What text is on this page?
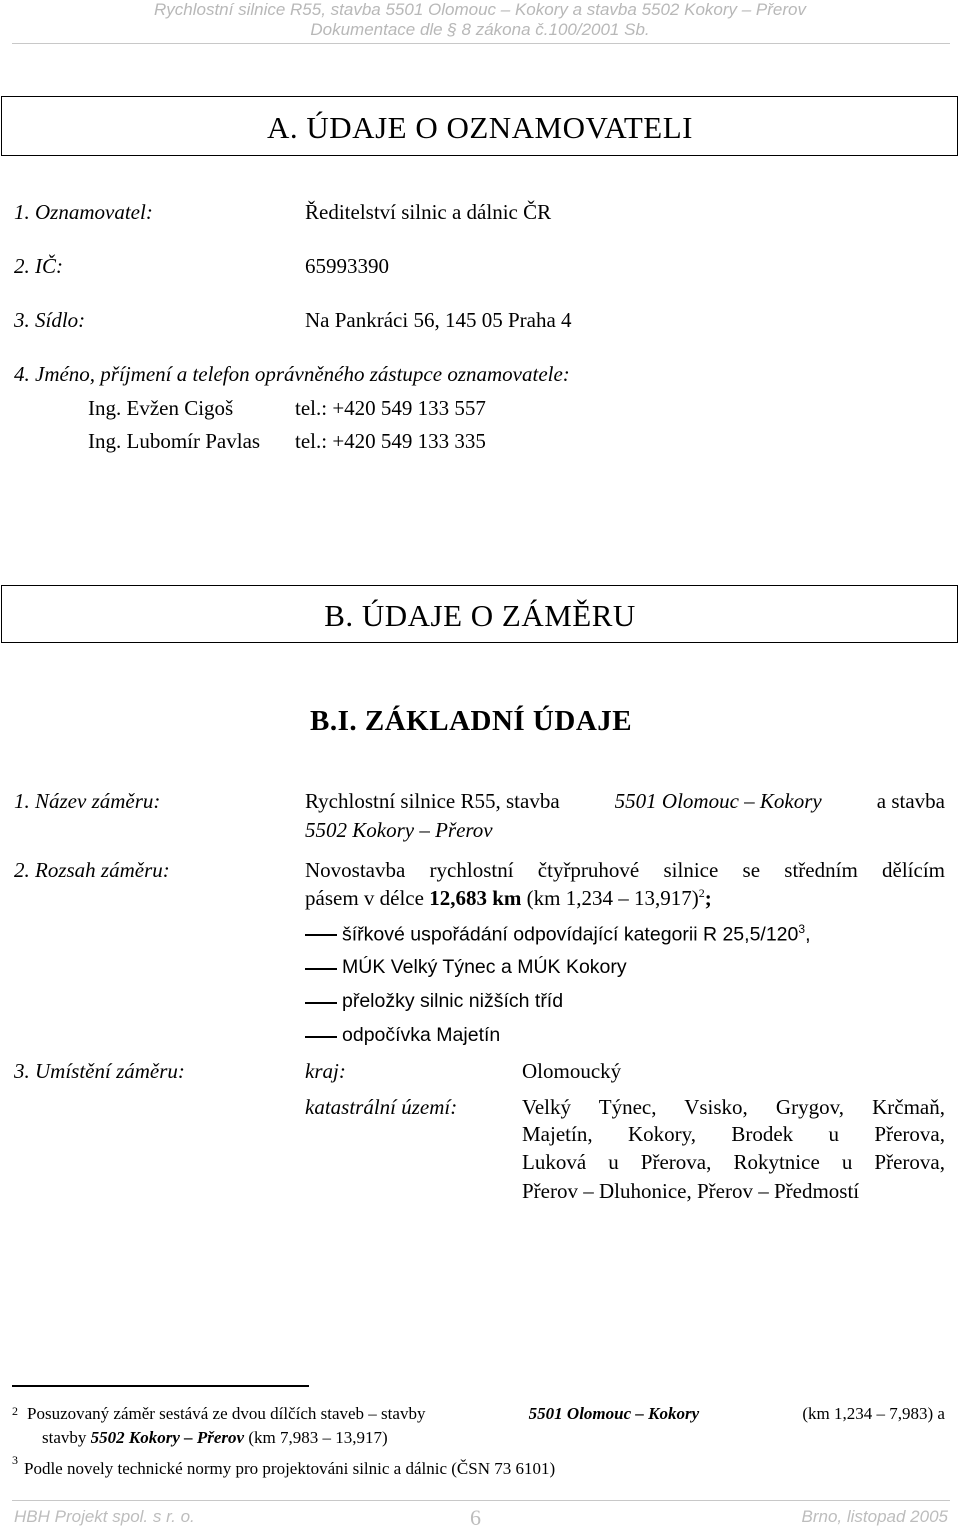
Rychlostní silnice R55, stavba 5501 Olomouc – Kokory a stavba 5502 Kokory – Přerov
Dokumentace dle § 8 zákona č.100/2001 Sb.
A. ÚDAJE O OZNAMOVATELI
1. Oznamovatel:	Ředitelství silnic a dálnic ČR
2. IČ:	65993390
3. Sídlo:	Na Pankráci 56, 145 05 Praha 4
4. Jméno, příjmení a telefon oprávněného zástupce oznamovatele:
Ing. Evžen Cigoš	tel.: +420 549 133 557
Ing. Lubomír Pavlas tel.: +420 549 133 335
B. ÚDAJE O ZÁMĚRU
B.I. ZÁKLADNÍ ÚDAJE
1. Název záměru:	Rychlostní silnice R55, stavba	5501 Olomouc – Kokory	a stavba
5502 Kokory – Přerov
2. Rozsah záměru:	Novostavba rychlostní čtyřpruhové silnice se středním dělícím
pásem v délce 12,683 km (km 1,234 – 13,917)$^2$;
šířkové uspořádání odpovídající kategorii R $25,5/120^3$,
MÚK Velký Týnec a MÚK Kokory
přeložky silnic nižších tříd
odpočívka Majetín
3. Umístění záměru:	kraj:	Olomoucký
katastrální území:	Velký Týnec, Vsisko, Grygov, Krčmaň,
Majetín, Kokory, Brodek u Přerova,
Luková u Přerova, Rokytnice u Přerova,
Přerov – Dluhonice, Přerov – Předmostí
2 Posuzovaný záměr sestává ze dvou dílčích staveb – stavby	5501 Olomouc – Kokory	(km 1,234 – 7,983) a
stavby 5502 Kokory – Přerov (km 7,983 – 13,917)
3 Podle novely technické normy pro projektováni silnic a dálnic (ČSN 73 6101)
HBH Projekt spol. s r. o.	6	Brno, listopad 2005
